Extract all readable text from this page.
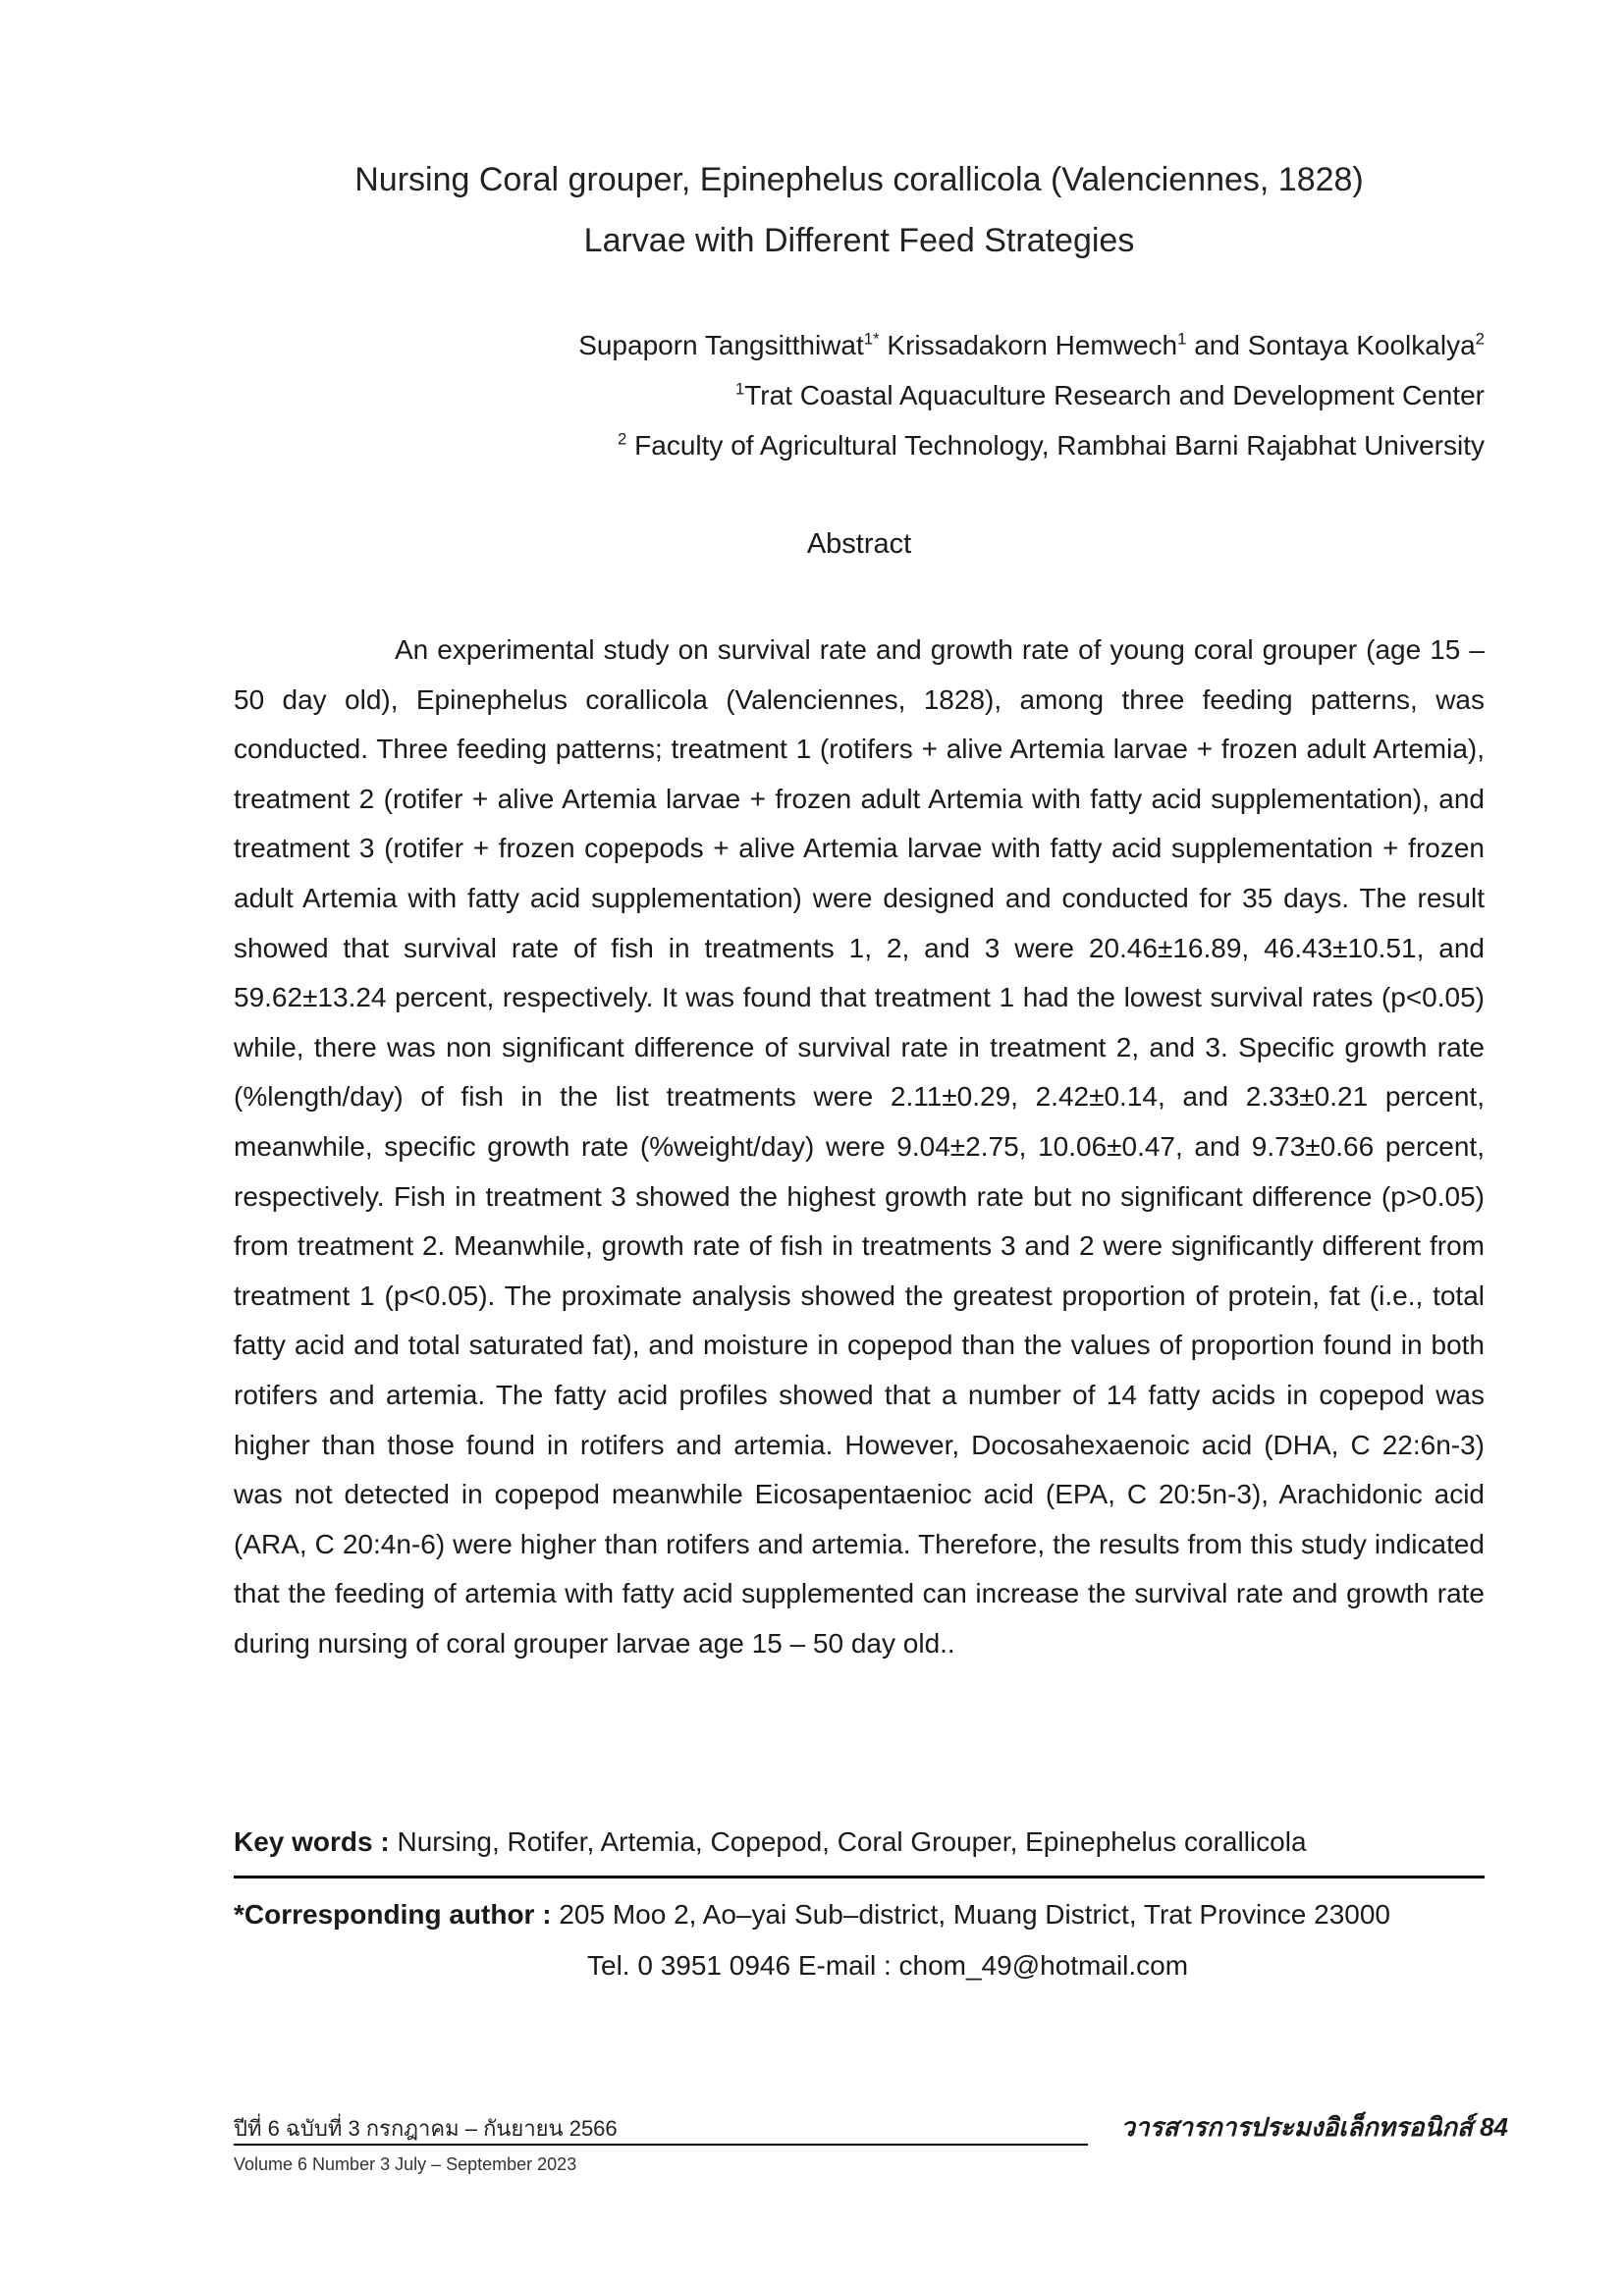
Nursing Coral grouper, Epinephelus corallicola (Valenciennes, 1828)
Larvae with Different Feed Strategies
Supaporn Tangsitthiwat$^{1*}$ Krissadakorn Hemwech$^1$ and Sontaya Koolkalya$^2$
$^1$Trat Coastal Aquaculture Research and Development Center
$^2$ Faculty of Agricultural Technology, Rambhai Barni Rajabhat University
Abstract
An experimental study on survival rate and growth rate of young coral grouper (age 15 – 50 day old), Epinephelus corallicola (Valenciennes, 1828), among three feeding patterns, was conducted. Three feeding patterns; treatment 1 (rotifers + alive Artemia larvae + frozen adult Artemia), treatment 2 (rotifer + alive Artemia larvae + frozen adult Artemia with fatty acid supplementation), and treatment 3 (rotifer + frozen copepods + alive Artemia larvae with fatty acid supplementation + frozen adult Artemia with fatty acid supplementation) were designed and conducted for 35 days. The result showed that survival rate of fish in treatments 1, 2, and 3 were 20.46±16.89, 46.43±10.51, and 59.62±13.24 percent, respectively. It was found that treatment 1 had the lowest survival rates (p<0.05) while, there was non significant difference of survival rate in treatment 2, and 3. Specific growth rate (%length/day) of fish in the list treatments were 2.11±0.29, 2.42±0.14, and 2.33±0.21 percent, meanwhile, specific growth rate (%weight/day) were 9.04±2.75, 10.06±0.47, and 9.73±0.66 percent, respectively. Fish in treatment 3 showed the highest growth rate but no significant difference (p>0.05) from treatment 2. Meanwhile, growth rate of fish in treatments 3 and 2 were significantly different from treatment 1 (p<0.05). The proximate analysis showed the greatest proportion of protein, fat (i.e., total fatty acid and total saturated fat), and moisture in copepod than the values of proportion found in both rotifers and artemia. The fatty acid profiles showed that a number of 14 fatty acids in copepod was higher than those found in rotifers and artemia. However, Docosahexaenoic acid (DHA, C 22:6n-3) was not detected in copepod meanwhile Eicosapentaenioc acid (EPA, C 20:5n-3), Arachidonic acid (ARA, C 20:4n-6) were higher than rotifers and artemia. Therefore, the results from this study indicated that the feeding of artemia with fatty acid supplemented can increase the survival rate and growth rate during nursing of coral grouper larvae age 15 – 50 day old..
Key words : Nursing, Rotifer, Artemia, Copepod, Coral Grouper, Epinephelus corallicola
*Corresponding author : 205 Moo 2, Ao–yai Sub–district, Muang District, Trat Province 23000
Tel. 0 3951 0946 E-mail : chom_49@hotmail.com
ปีที่ 6 ฉบับที่ 3 กรกฎาคม – กันยายน 2566	วารสารการประมงอิเล็กทรอนิกส์ 84
Volume 6 Number 3 July – September 2023
